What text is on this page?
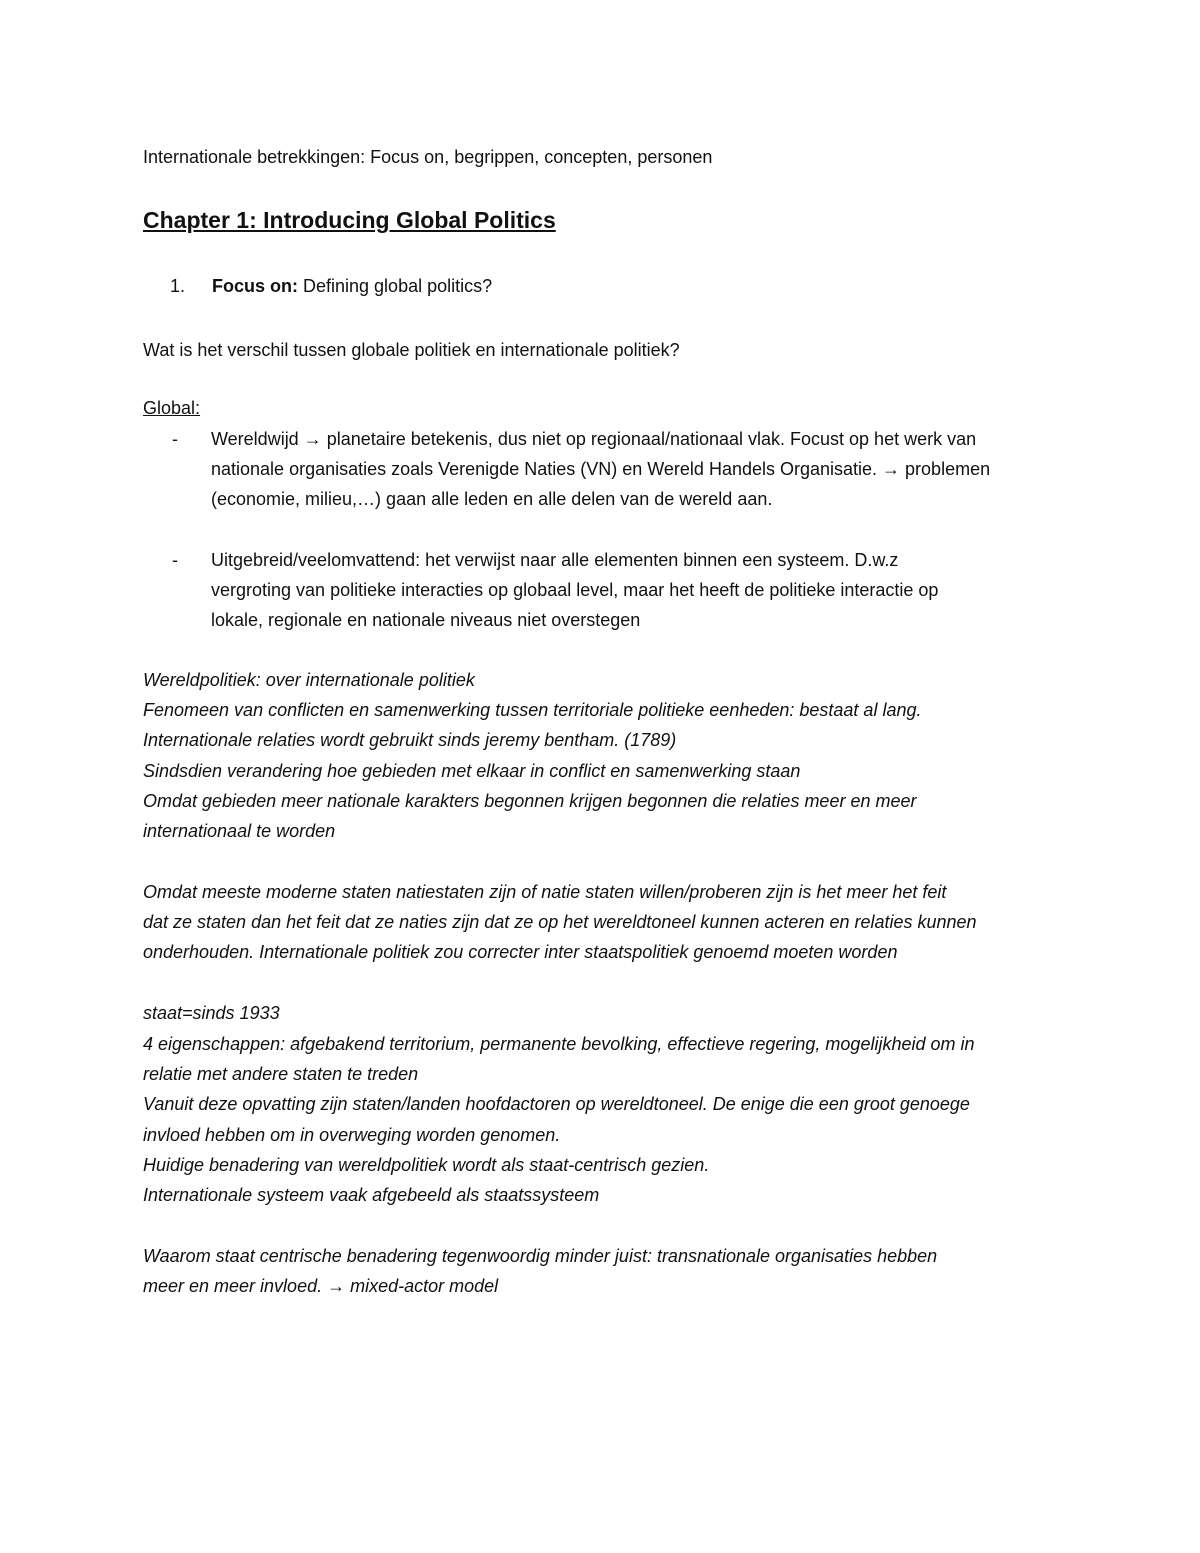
Internationale betrekkingen: Focus on, begrippen, concepten, personen
Chapter 1: Introducing Global Politics
1. Focus on: Defining global politics?
Wat is het verschil tussen globale politiek en internationale politiek?
Global:
- Wereldwijd → planetaire betekenis, dus niet op regionaal/nationaal vlak. Focust op het werk van
nationale organisaties zoals Verenigde Naties (VN) en Wereld Handels Organisatie. → problemen
(economie, milieu,…) gaan alle leden en alle delen van de wereld aan.
- Uitgebreid/veelomvattend: het verwijst naar alle elementen binnen een systeem. D.w.z
vergroting van politieke interacties op globaal level, maar het heeft de politieke interactie op
lokale, regionale en nationale niveaus niet overstegen
Wereldpolitiek: over internationale politiek
Fenomeen van conflicten en samenwerking tussen territoriale politieke eenheden: bestaat al lang.
Internationale relaties wordt gebruikt sinds jeremy bentham. (1789)
Sindsdien verandering hoe gebieden met elkaar in conflict en samenwerking staan
Omdat gebieden meer nationale karakters begonnen krijgen begonnen die relaties meer en meer
internationaal te worden
Omdat meeste moderne staten natiestaten zijn of natie staten willen/proberen zijn is het meer het feit
dat ze staten dan het feit dat ze naties zijn dat ze op het wereldtoneel kunnen acteren en relaties kunnen
onderhouden. Internationale politiek zou correcter inter staatspolitiek genoemd moeten worden
staat=sinds 1933
4 eigenschappen: afgebakend territorium, permanente bevolking, effectieve regering, mogelijkheid om in
relatie met andere staten te treden
Vanuit deze opvatting zijn staten/landen hoofdactoren op wereldtoneel. De enige die een groot genoege
invloed hebben om in overweging worden genomen.
Huidige benadering van wereldpolitiek wordt als staat-centrisch gezien.
Internationale systeem vaak afgebeeld als staatssysteem
Waarom staat centrische benadering tegenwoordig minder juist: transnationale organisaties hebben
meer en meer invloed. → mixed-actor model
